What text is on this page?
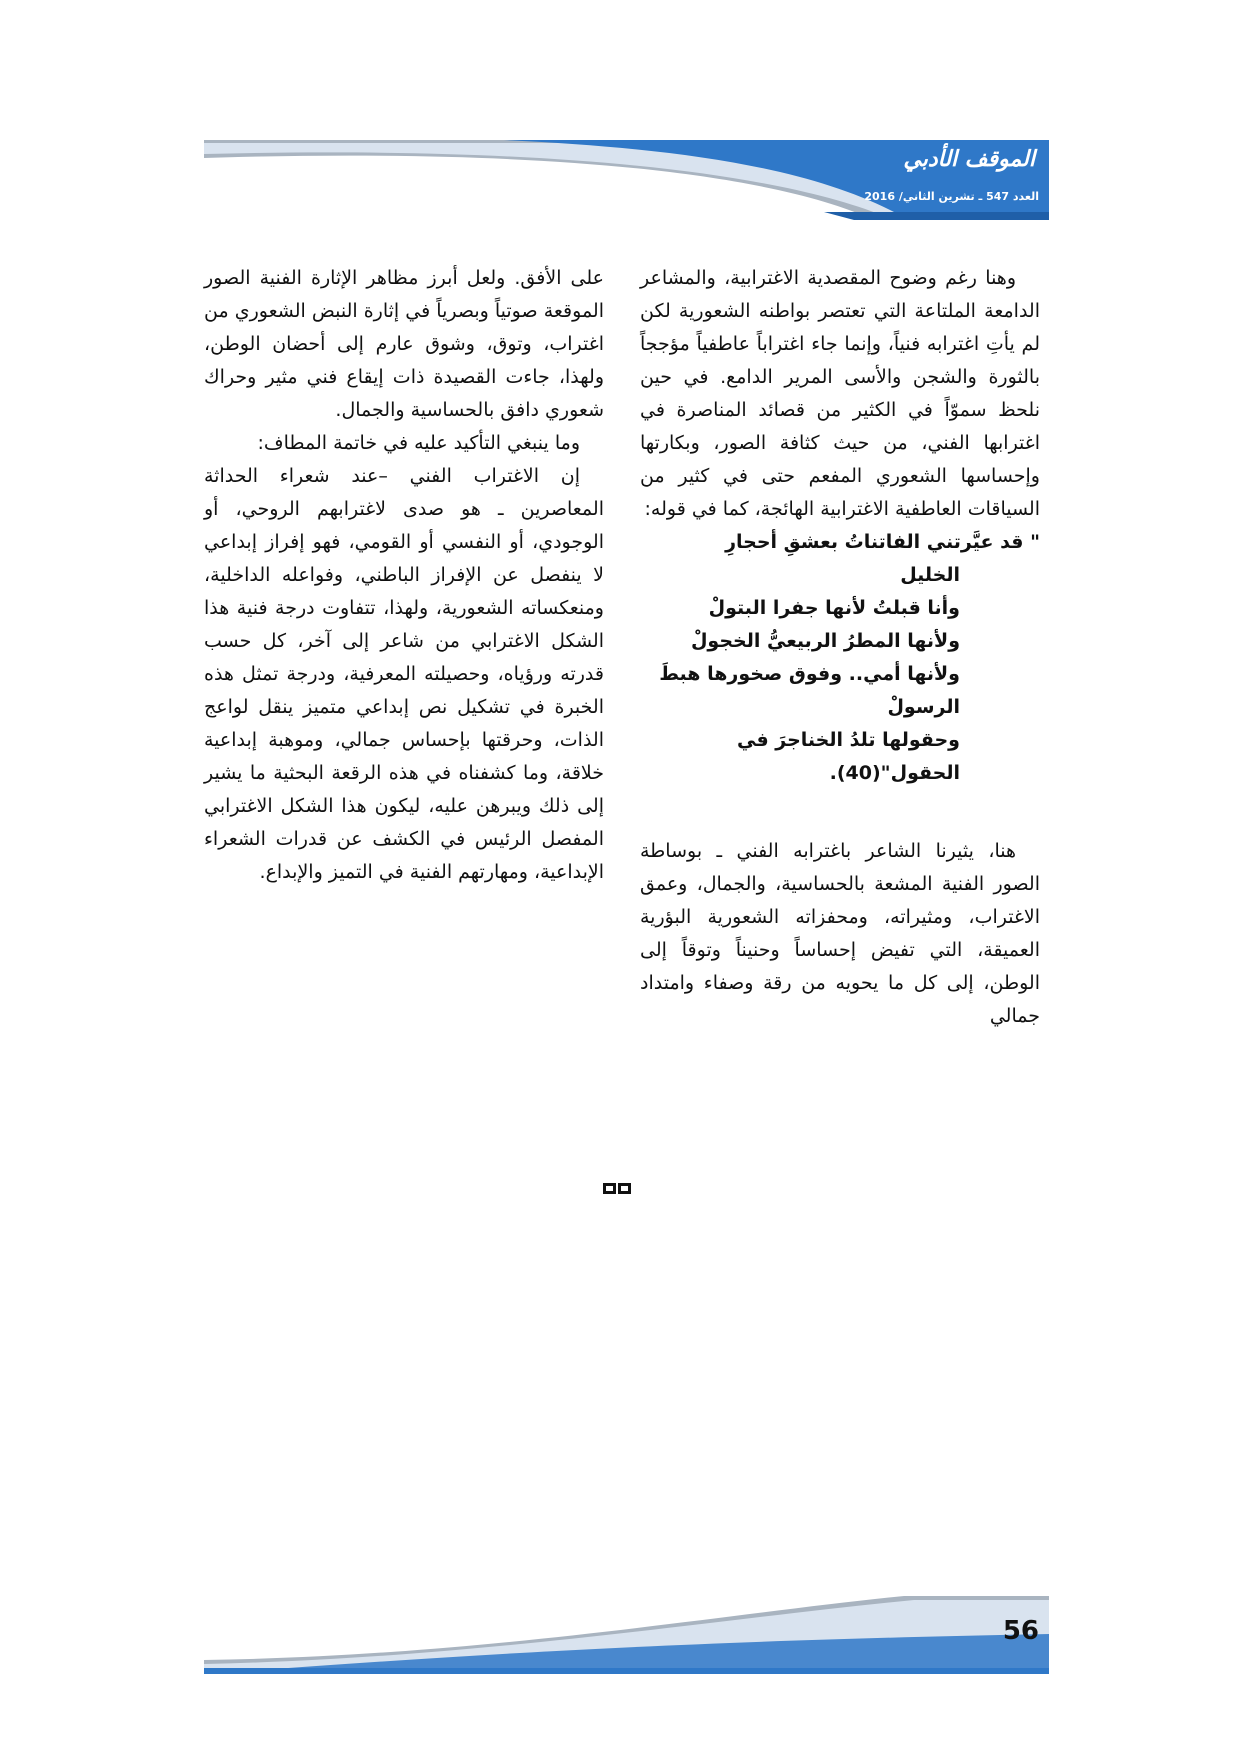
الموقف الأدبي
العدد 547 ـ تشرين الثاني/ 2016

وهنا رغم وضوح المقصدية الاغترابية، والمشاعر الدامعة الملتاعة التي تعتصر بواطنه الشعورية لكن لم يأتِ اغترابه فنياً، وإنما جاء اغتراباً عاطفياً مؤججاً بالثورة والشجن والأسى المرير الدامع. في حين نلحظ سموّاً في الكثير من قصائد المناصرة في اغترابها الفني، من حيث كثافة الصور، وبكارتها وإحساسها الشعوري المفعم حتى في كثير من السياقات العاطفية الاغترابية الهائجة، كما في قوله:

" قد عيَّرتني الفاتناتُ بعشقِ أحجارِ
الخليل
وأنا قبلتُ لأنها جفرا البتولْ
ولأنها المطرُ الربيعيُّ الخجولْ
ولأنها أمي.. وفوق صخورها هبطَ
الرسولْ
وحقولها تلدُ الخناجرَ في
الحقول"(40).

هنا، يثيرنا الشاعر باغترابه الفني ـ بوساطة الصور الفنية المشعة بالحساسية، والجمال، وعمق الاغتراب، ومثيراته، ومحفزاته الشعورية البؤرية العميقة، التي تفيض إحساساً وحنيناً وتوقاً إلى الوطن، إلى كل ما يحويه من رقة وصفاء وامتداد جمالي

على الأفق. ولعل أبرز مظاهر الإثارة الفنية الصور الموقعة صوتياً وبصرياً في إثارة النبض الشعوري من اغتراب، وتوق، وشوق عارم إلى أحضان الوطن، ولهذا، جاءت القصيدة ذات إيقاع فني مثير وحراك شعوري دافق بالحساسية والجمال.

وما ينبغي التأكيد عليه في خاتمة المطاف:

إن الاغتراب الفني –عند شعراء الحداثة المعاصرين ـ هو صدى لاغترابهم الروحي، أو الوجودي، أو النفسي أو القومي، فهو إفراز إبداعي لا ينفصل عن الإفراز الباطني، وفواعله الداخلية، ومنعكساته الشعورية، ولهذا، تتفاوت درجة فنية هذا الشكل الاغترابي من شاعر إلى آخر، كل حسب قدرته ورؤياه، وحصيلته المعرفية، ودرجة تمثل هذه الخبرة في تشكيل نص إبداعي متميز ينقل لواعج الذات، وحرقتها بإحساس جمالي، وموهبة إبداعية خلاقة، وما كشفناه في هذه الرقعة البحثية ما يشير إلى ذلك ويبرهن عليه، ليكون هذا الشكل الاغترابي المفصل الرئيس في الكشف عن قدرات الشعراء الإبداعية، ومهارتهم الفنية في التميز والإبداع.

56
